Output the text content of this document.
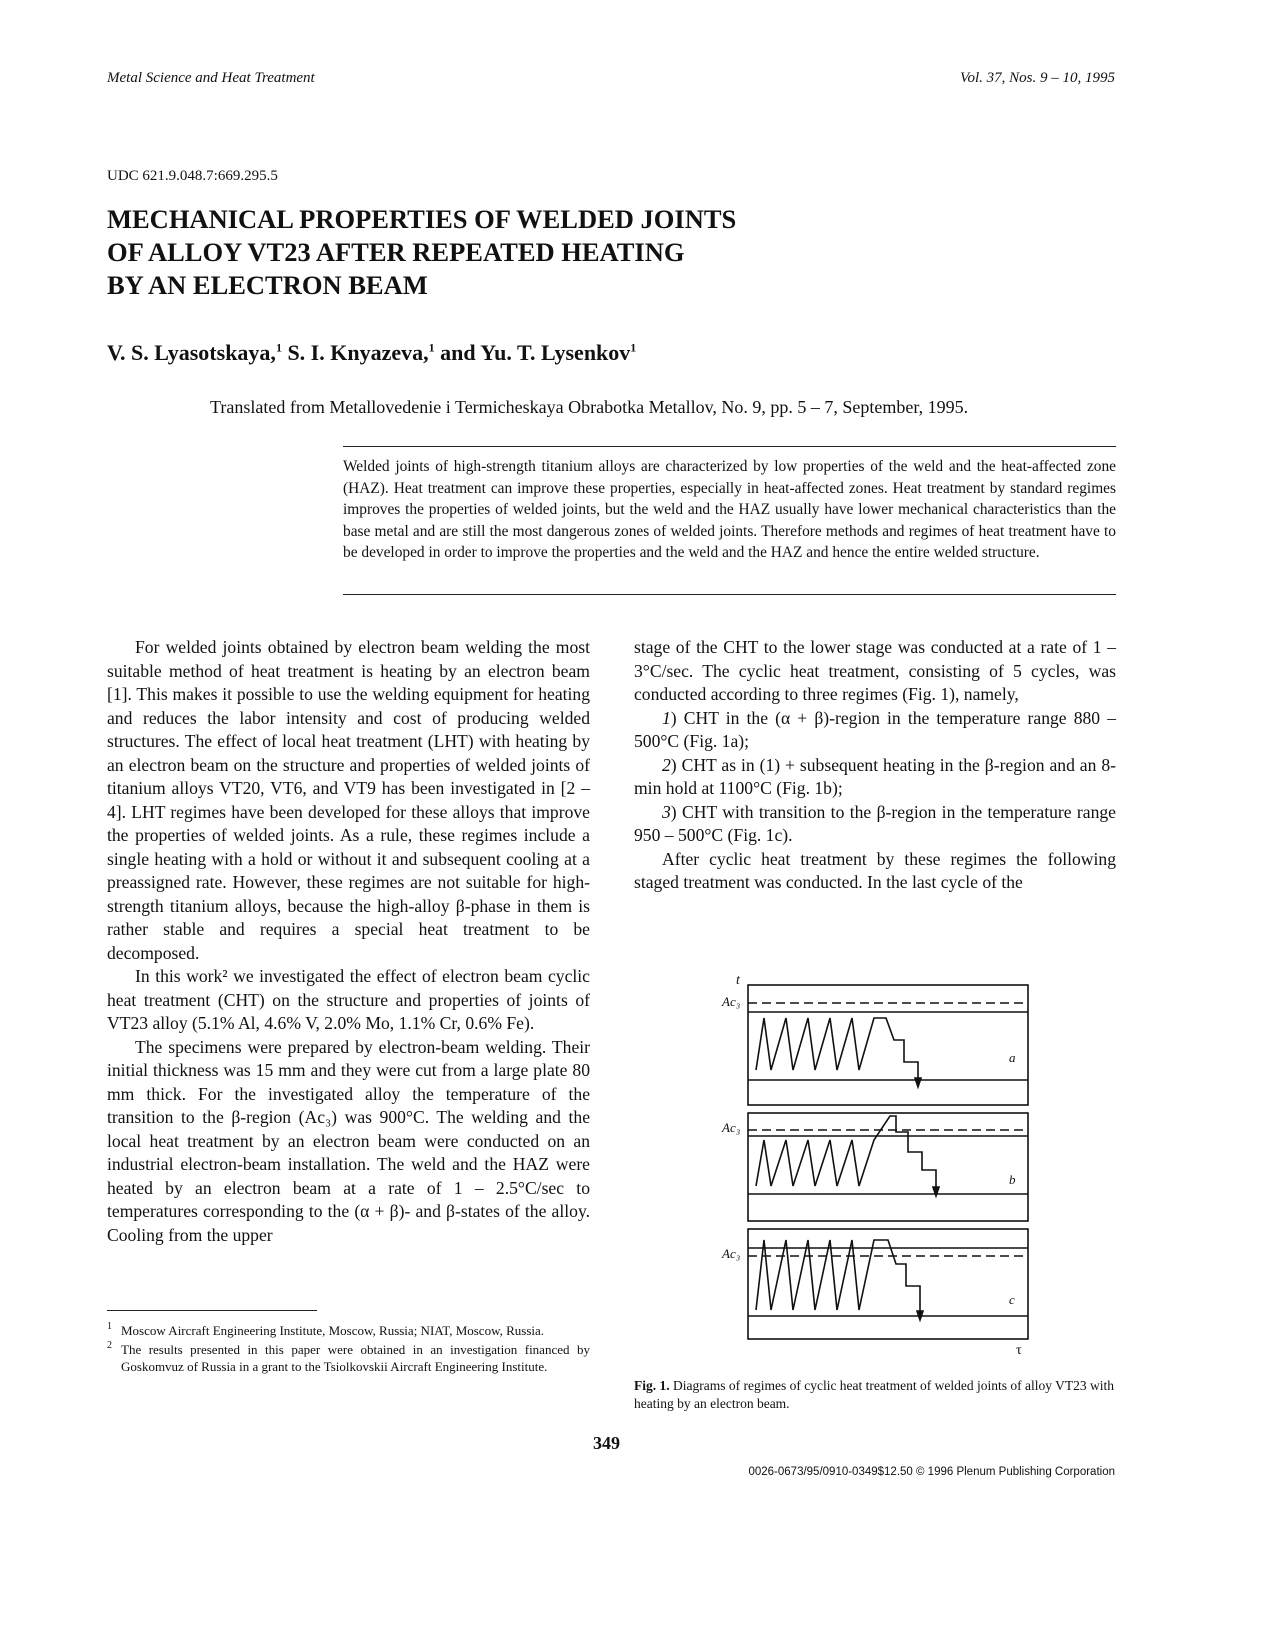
Metal Science and Heat Treatment	Vol. 37, Nos. 9 – 10, 1995
UDC 621.9.048.7:669.295.5
MECHANICAL PROPERTIES OF WELDED JOINTS
OF ALLOY VT23 AFTER REPEATED HEATING
BY AN ELECTRON BEAM
V. S. Lyasotskaya,$^1$ S. I. Knyazeva,$^1$ and Yu. T. Lysenkov$^1$
Translated from Metallovedenie i Termicheskaya Obrabotka Metallov, No. 9, pp. 5 – 7, September, 1995.

Welded joints of high-strength titanium alloys are characterized by low properties of the weld and the heat-affected zone (HAZ). Heat treatment can improve these properties, especially in heat-affected zones. Heat treatment by standard regimes improves the properties of welded joints, but the weld and the HAZ usually have lower mechanical characteristics than the base metal and are still the most dangerous zones of welded joints. Therefore methods and regimes of heat treatment have to be developed in order to improve the properties and the weld and the HAZ and hence the entire welded structure.

For welded joints obtained by electron beam welding the most suitable method of heat treatment is heating by an electron beam [1]. This makes it possible to use the welding equipment for heating and reduces the labor intensity and cost of producing welded structures. The effect of local heat treatment (LHT) with heating by an electron beam on the structure and properties of welded joints of titanium alloys VT20, VT6, and VT9 has been investigated in [2 – 4]. LHT regimes have been developed for these alloys that improve the properties of welded joints. As a rule, these regimes include a single heating with a hold or without it and subsequent cooling at a preassigned rate. However, these regimes are not suitable for high-strength titanium alloys, because the high-alloy β-phase in them is rather stable and requires a special heat treatment to be decomposed.

In this work² we investigated the effect of electron beam cyclic heat treatment (CHT) on the structure and properties of joints of VT23 alloy (5.1% Al, 4.6% V, 2.0% Mo, 1.1% Cr, 0.6% Fe).

The specimens were prepared by electron-beam welding. Their initial thickness was 15 mm and they were cut from a large plate 80 mm thick. For the investigated alloy the temperature of the transition to the β-region (Ac₃) was 900°C. The welding and the local heat treatment by an electron beam were conducted on an industrial electron-beam installation. The weld and the HAZ were heated by an electron beam at a rate of 1 – 2.5°C/sec to temperatures corresponding to the (α + β)- and β-states of the alloy. Cooling from the upper

stage of the CHT to the lower stage was conducted at a rate of 1 – 3°C/sec. The cyclic heat treatment, consisting of 5 cycles, was conducted according to three regimes (Fig. 1), namely,

1) CHT in the (α + β)-region in the temperature range 880 – 500°C (Fig. 1a);

2) CHT as in (1) + subsequent heating in the β-region and an 8-min hold at 1100°C (Fig. 1b);

3) CHT with transition to the β-region in the temperature range 950 – 500°C (Fig. 1c).

After cyclic heat treatment by these regimes the following staged treatment was conducted. In the last cycle of the

1 Moscow Aircraft Engineering Institute, Moscow, Russia; NIAT, Moscow, Russia.

2 The results presented in this paper were obtained in an investigation financed by Goskomvuz of Russia in a grant to the Tsiolkovskii Aircraft Engineering Institute.

t
τ
Ac₃
a
Ac₃
b
Ac₃
c

Fig. 1. Diagrams of regimes of cyclic heat treatment of welded joints of alloy VT23 with heating by an electron beam.

349
0026-0673/95/0910-0349$12.50 © 1996 Plenum Publishing Corporation
